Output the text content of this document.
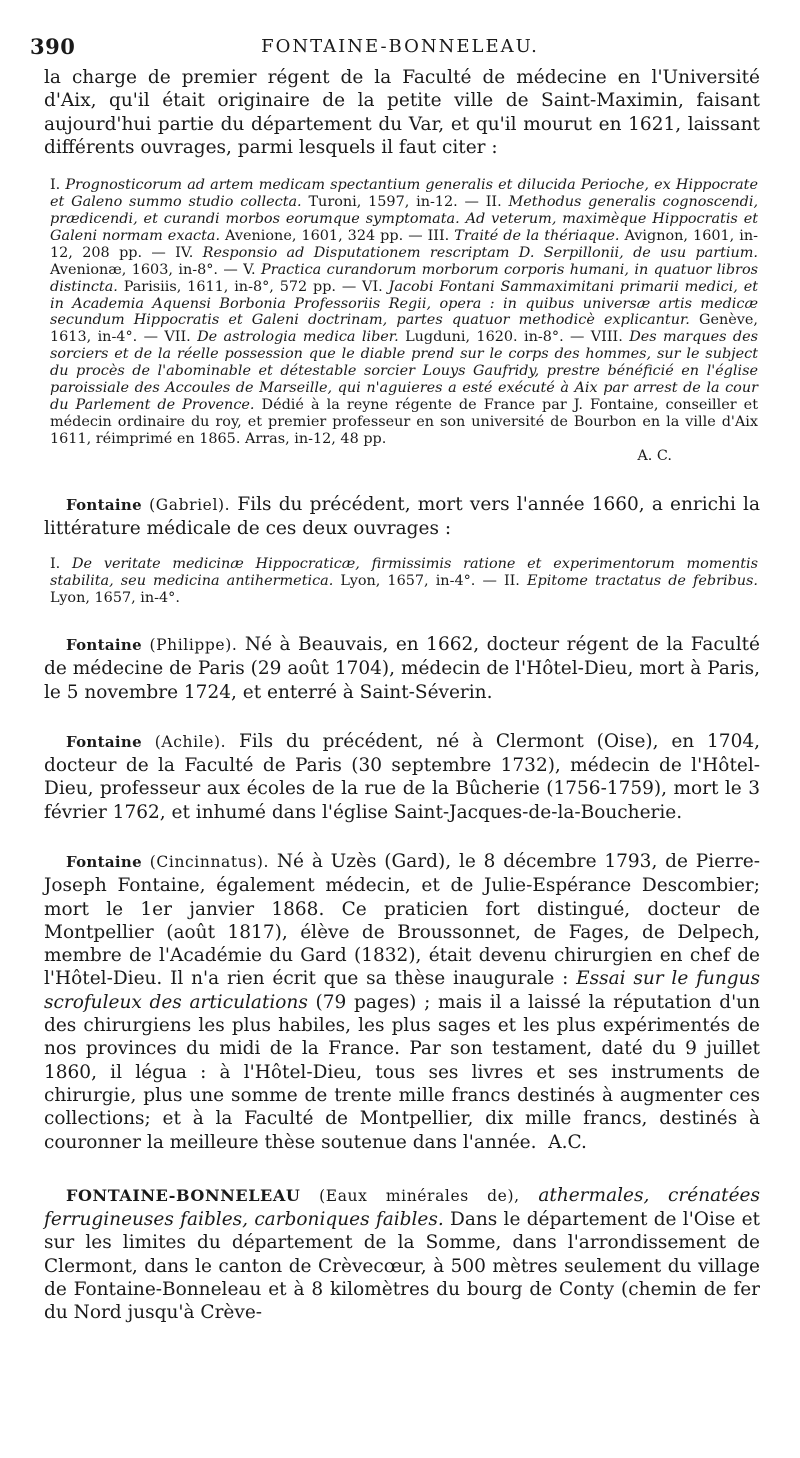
390	FONTAINE-BONNELEAU.

la charge de premier régent de la Faculté de médecine en l'Université d'Aix, qu'il était originaire de la petite ville de Saint-Maximin, faisant aujourd'hui partie du département du Var, et qu'il mourut en 1621, laissant différents ouvrages, parmi lesquels il faut citer :

I. Prognosticorum ad artem medicam spectantium generalis et dilucida Perioche, ex Hippocrate et Galeno summo studio collecta. Turoni, 1597, in-12. — II. Methodus generalis cognoscendi, prædicendi, et curandi morbos eorumque symptomata. Ad veterum, maximèque Hippocratis et Galeni normam exacta. Avenione, 1601, 324 pp. — III. Traité de la thériaque. Avignon, 1601, in-12, 208 pp. — IV. Responsio ad Disputationem rescriptam D. Serpillonii, de usu partium. Avenionæ, 1603, in-8°. — V. Practica curandorum morborum corporis humani, in quatuor libros distincta. Parisiis, 1611, in-8°, 572 pp. — VI. Jacobi Fontani Sammaximitani primarii medici, et in Academia Aquensi Borbonia Professoriis Regii, opera : in quibus universæ artis medicæ secundum Hippocratis et Galeni doctrinam, partes quatuor methodicè explicantur. Genève, 1613, in-4°. — VII. De astrologia medica liber. Lugduni, 1620. in-8°. — VIII. Des marques des sorciers et de la réelle possession que le diable prend sur le corps des hommes, sur le subject du procès de l'abominable et détestable sorcier Louys Gaufridy, prestre bénéficié en l'église paroissiale des Accoules de Marseille, qui n'aguieres a esté exécuté à Aix par arrest de la cour du Parlement de Provence. Dédié à la reyne régente de France par J. Fontaine, conseiller et médecin ordinaire du roy, et premier professeur en son université de Bourbon en la ville d'Aix 1611, réimprimé en 1865. Arras, in-12, 48 pp.

A. C.

Fontaine (Gabriel). Fils du précédent, mort vers l'année 1660, a enrichi la littérature médicale de ces deux ouvrages :

I. De veritate medicinæ Hippocraticæ, firmissimis ratione et experimentorum momentis stabilita, seu medicina antihermetica. Lyon, 1657, in-4°. — II. Epitome tractatus de febribus. Lyon, 1657, in-4°.

Fontaine (Philippe). Né à Beauvais, en 1662, docteur régent de la Faculté de médecine de Paris (29 août 1704), médecin de l'Hôtel-Dieu, mort à Paris, le 5 novembre 1724, et enterré à Saint-Séverin.

Fontaine (Achile). Fils du précédent, né à Clermont (Oise), en 1704, docteur de la Faculté de Paris (30 septembre 1732), médecin de l'Hôtel-Dieu, professeur aux écoles de la rue de la Bûcherie (1756-1759), mort le 3 février 1762, et inhumé dans l'église Saint-Jacques-de-la-Boucherie.

Fontaine (Cincinnatus). Né à Uzès (Gard), le 8 décembre 1793, de Pierre-Joseph Fontaine, également médecin, et de Julie-Espérance Descombier; mort le 1er janvier 1868. Ce praticien fort distingué, docteur de Montpellier (août 1817), élève de Broussonnet, de Fages, de Delpech, membre de l'Académie du Gard (1832), était devenu chirurgien en chef de l'Hôtel-Dieu. Il n'a rien écrit que sa thèse inaugurale : Essai sur le fungus scrofuleux des articulations (79 pages) ; mais il a laissé la réputation d'un des chirurgiens les plus habiles, les plus sages et les plus expérimentés de nos provinces du midi de la France. Par son testament, daté du 9 juillet 1860, il légua : à l'Hôtel-Dieu, tous ses livres et ses instruments de chirurgie, plus une somme de trente mille francs destinés à augmenter ces collections; et à la Faculté de Montpellier, dix mille francs, destinés à couronner la meilleure thèse soutenue dans l'année. A.C.

FONTAINE-BONNELEAU (Eaux minérales de), athermales, crénatées ferrugineuses faibles, carboniques faibles. Dans le département de l'Oise et sur les limites du département de la Somme, dans l'arrondissement de Clermont, dans le canton de Crèvecœur, à 500 mètres seulement du village de Fontaine-Bonneleau et à 8 kilomètres du bourg de Conty (chemin de fer du Nord jusqu'à Crève-
